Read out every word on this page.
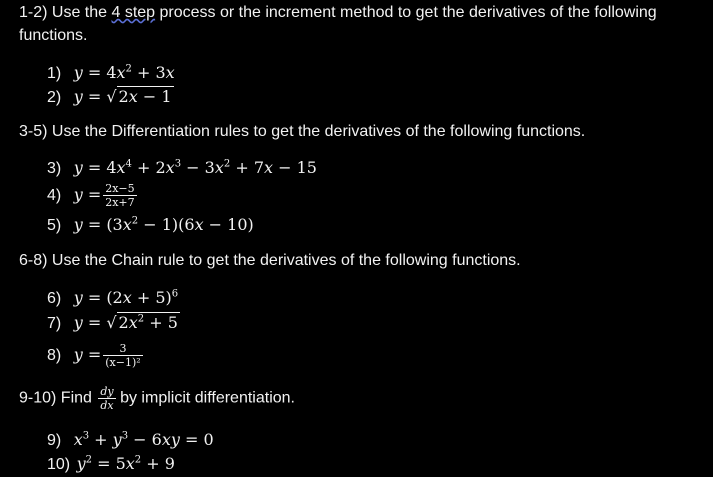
1-2) Use the 4 step process or the increment method to get the derivatives of the following

functions.

1) $y = 4x^2 + 3x$
2) y = √ 2x − 1

3-5) Use the Differentiation rules to get the derivatives of the following functions.

3) $y = 4x^4 + 2x^3 - 3x^2 + 7x - 15$
4) $y = \frac{2x-5}{2x+7}$
5) $y = (3x^2 - 1)(6x - 10)$

6-8) Use the Chain rule to get the derivatives of the following functions.

6) $y = (2x + 5)^6$
7) y = √ $2x^2 + 5$
8) $y = \frac{3}{\text{(x−1)²}}$
9-10) Find $\frac{dy}{dx}$ by implicit differentiation.
9) $x^3 + y^3 - 6xy = 0$
10) $y^2 = 5x^2 + 9$
